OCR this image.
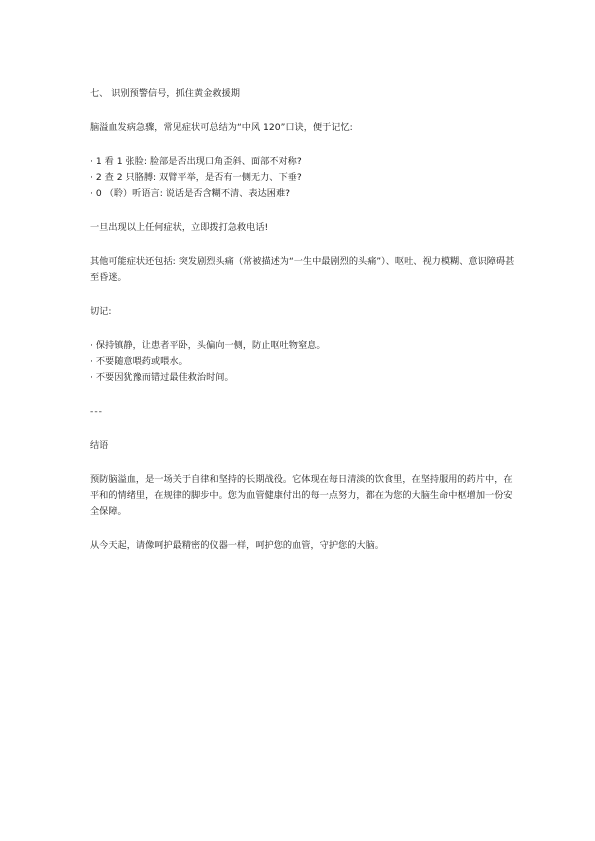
七、 识别预警信号，抓住黄金救援期

脑溢血发病急骤，常见症状可总结为“中风 120”口诀，便于记忆:

· 1 看 1 张脸: 脸部是否出现口角歪斜、面部不对称?
· 2 查 2 只胳膊: 双臂平举，是否有一侧无力、下垂?
· 0 （聆）听语言: 说话是否含糊不清、表达困难?

一旦出现以上任何症状，立即拨打急救电话!

其他可能症状还包括: 突发剧烈头痛（常被描述为“一生中最剧烈的头痛”）、呕吐、视力模糊、意识障碍甚至昏迷。

切记:

· 保持镇静，让患者平卧，头偏向一侧，防止呕吐物窒息。
· 不要随意喂药或喂水。
· 不要因犹豫而错过最佳救治时间。

---

结语

预防脑溢血，是一场关于自律和坚持的长期战役。它体现在每日清淡的饮食里，在坚持服用的药片中，在平和的情绪里，在规律的脚步中。您为血管健康付出的每一点努力，都在为您的大脑生命中枢增加一份安全保障。

从今天起，请像呵护最精密的仪器一样，呵护您的血管，守护您的大脑。
